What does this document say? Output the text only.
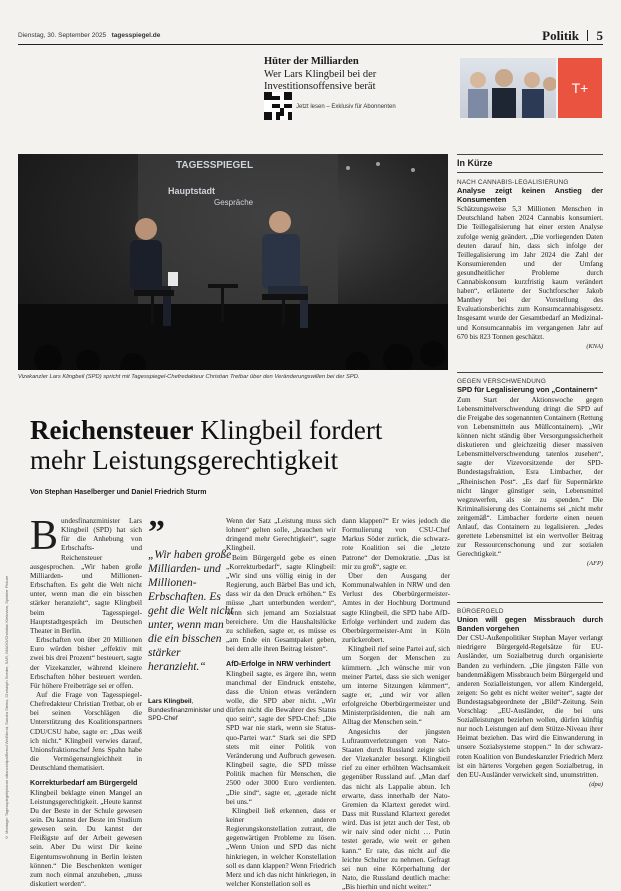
Dienstag, 30. September 2025 tagesspiegel.de	Politik 5
Hüter der Milliarden
Wer Lars Klingbeil bei der
Investitionsoffensive berät
Jetzt lesen – Exklusiv für Abonnenten
T+
TAGESSPIEGEL
Hauptstadt
Gespräche
Vizekanzler Lars Klingbeil (SPD) spricht mit Tagesspiegel-Chefredakteur Christian Tretbar über den Veränderungswillen bei der SPD.
Reichensteuer Klingbeil fordert
mehr Leistungsgerechtigkeit
Von Stephan Haselberger und Daniel Friedrich Sturm
© Montage: Tagesspiegel/picture alliance/dpa/Bernd Weißbrod, Sandra Steins, Christoph Soeder, SAR, IMAGO/Christian Kielmann, Spiekler Picture
B undesfinanzminister Lars Klingbeil (SPD) hat sich für die Anhebung von Erbschafts- und Reichensteuer ausgesprochen. „Wir haben große Milliarden- und Millionen-Erbschaften. Es geht die Welt nicht unter, wenn man die ein bisschen stärker heranzieht“, sagte Klingbeil beim Tagesspiegel-Hauptstadtgespräch im Deutschen Theater in Berlin.

Erbschaften von über 20 Millionen Euro würden bisher „effektiv mit zwei bis drei Prozent“ besteuert, sagte der Vizekanzler, während kleinere Erbschaften höher besteuert werden. Für höhere Freibeträge sei er offen.

Auf die Frage von Tagesspiegel-Chefredakteur Christian Tretbar, ob er bei seinen Vorschlägen die Unterstützung des Koalitionspartners CDU/CSU habe, sagte er: „Das weiß ich nicht.“ Klingbeil verwies darauf, Unionsfraktionschef Jens Spahn habe die Vermögensungleichheit in Deutschland thematisiert.

Korrekturbedarf am Bürgergeld

Klingbeil beklagte einen Mangel an Leistungsgerechtigkeit. „Heute kannst Du der Beste in der Schule gewesen sein. Du kannst der Beste im Studium gewesen sein. Du kannst der Fleißigste auf der Arbeit gewesen sein. Aber Du wirst Dir keine Eigentumswohnung in Berlin leisten können.“ Die Beschenkten weniger zum noch einmal anzuheben, „muss diskutiert werden“.

”
„Wir haben große Milliarden- und Millionen-Erbschaften. Es geht die Welt nicht unter, wenn man die ein bisschen stärker heranzieht.“
Lars Klingbeil, Bundesfinanzminister und SPD-Chef

Wenn der Satz „Leistung muss sich lohnen“ gelten solle, „brauchen wir dringend mehr Gerechtigkeit“, sagte Klingbeil.

Beim Bürgergeld gebe es einen „Korrekturbedarf“, sagte Klingbeil: „Wir sind uns völlig einig in der Regierung, auch Bärbel Bas und ich, dass wir da den Druck erhöhen.“ Es müsse „hart unterbunden werden“, wenn sich jemand am Sozialstaat bereichere. Um die Haushaltslücke zu schließen, sagte er, es müsse es „am Ende ein Gesamtpaket geben, bei dem alle ihren Beitrag leisten“.

AfD-Erfolge in NRW verhindert

Klingbeil sagte, es ärgere ihn, wenn manchmal der Eindruck entstehe, dass die Union etwas verändern wolle, die SPD aber nicht. „Wir dürfen nicht die Bewahrer des Status quo sein“, sagte der SPD-Chef: „Die SPD war nie stark, wenn sie Status-quo-Partei war.“ Stark sei die SPD stets mit einer Politik von Veränderung und Aufbruch gewesen. Klingbeil sagte, die SPD müsse Politik machen für Menschen, die 2500 oder 3000 Euro verdienten. „Die sind“, sagte er, „gerade nicht bei uns.“

Klingbeil ließ erkennen, dass er keiner anderen Regierungskonstellation zutraut, die gegenwärtigen Probleme zu lösen. „Wenn Union und SPD das nicht hinkriegen, in welcher Konstellation soll es dann klappen? Wenn Friedrich Merz und ich das nicht hinkriegen, in welcher Konstellation soll es

dann klappen?“ Er wies jedoch die Formulierung von CSU-Chef Markus Söder zurück, die schwarz-rote Koalition sei die „letzte Patrone“ der Demokratie. „Das ist mir zu groß“, sagte er.

Über den Ausgang der Kommunalwahlen in NRW und den Verlust des Oberbürgermeister-Amtes in der Hochburg Dortmund sagte Klingbeil, die SPD habe AfD-Erfolge verhindert und zudem das Oberbürgermeister-Amt in Köln zurückerobert.

Klingbeil rief seine Partei auf, sich um Sorgen der Menschen zu kümmern. „Ich wünsche mir von meiner Partei, dass sie sich weniger um interne Sitzungen kümmert“, sagte er, „und wir vor allen erfolgreiche Oberbürgermeister und Ministerpräsidenten, die nah am Alltag der Menschen sein.“

Angesichts der jüngsten Luftraumverletzungen von Nato-Staaten durch Russland zeigte sich der Vizekanzler besorgt. Klingbeil rief zu einer erhöhten Wachsamkeit gegenüber Russland auf. „Man darf das nicht als Lappalie abtun. Ich erwarte, dass innerhalb der Nato-Gremien da Klartext geredet wird. Dass mit Russland Klartext geredet wird. Das ist jetzt auch der Test, ob wir naiv sind oder nicht … Putin testet gerade, wie weit er gehen kann.“ Er rate, das nicht auf die leichte Schulter zu nehmen. Gefragt sei nun eine Körperhaltung der Nato, die Russland deutlich mache: „Bis hierhin und nicht weiter.“

In Kürze
NACH CANNABIS-LEGALISIERUNG
Analyse zeigt keinen Anstieg der Konsumenten
Schätzungsweise 5,3 Millionen Menschen in Deutschland haben 2024 Cannabis konsumiert. Die Teillegalisierung hat einer ersten Analyse zufolge wenig geändert. „Die vorliegenden Daten deuten darauf hin, dass sich infolge der Teillegalisierung im Jahr 2024 die Zahl der Konsumierenden und der Umfang gesundheitlicher Probleme durch Cannabiskonsum kurzfristig kaum verändert haben“, erläuterte der Suchtforscher Jakob Manthey bei der Vorstellung des Evaluationsberichts zum Konsumcannabisgesetz. Insgesamt wurde der Gesamtbedarf an Medizinal- und Konsumcannabis im vergangenen Jahr auf 670 bis 823 Tonnen geschätzt.
(KNA)
GEGEN VERSCHWENDUNG
SPD für Legalisierung von „Containern“
Zum Start der Aktionswoche gegen Lebensmittelverschwendung dringt die SPD auf die Freigabe des sogenannten Containern (Rettung von Lebensmitteln aus Müllcontainern). „Wir können nicht ständig über Versorgungssicherheit diskutieren und gleichzeitig dieser massiven Lebensmittelverschwendung tatenlos zusehen“, sagte der Vizevorsitzende der SPD-Bundestagsfraktion, Esra Limbacher, der „Rheinischen Post“. „Es darf für Supermärkte nicht länger günstiger sein, Lebensmittel wegzuwerfen, als sie zu spenden.“ Die Kriminalisierung des Containerns sei „nicht mehr zeitgemäß“. Limbacher forderte einen neuen Anlauf, das Containern zu legalisieren. „Jedes gerettete Lebensmittel ist ein wertvoller Beitrag zur Ressourcenschonung und zur sozialen Gerechtigkeit.“
(AFP)
BÜRGERGELD
Union will gegen Missbrauch durch Banden vorgehen
Der CSU-Außenpolitiker Stephan Mayer verlangt niedrigere Bürgergeld-Regelsätze für EU-Ausländer, um Sozialbetrug durch organisierte Banden zu verhindern. „Die jüngsten Fälle von bandenmäßigem Missbrauch beim Bürgergeld und anderen Sozialleistungen, vor allem Kindergeld, zeigen: So geht es nicht weiter weiter“, sagte der Bundestagsabgeordnete der „Bild“-Zeitung. Sein Vorschlag: „EU-Ausländer, die bei uns Sozialleistungen beziehen wollen, dürfen künftig nur noch Leistungen auf dem Stütze-Niveau ihrer Heimat beziehen. Das wird die Einwanderung in unsere Sozialsysteme stoppen.“ In der schwarz-roten Koalition von Bundeskanzler Friedrich Merz ist ein härteres Vorgehen gegen Sozialbetrug, in den EU-Ausländer verwickelt sind, unumstritten.
(dpa)
